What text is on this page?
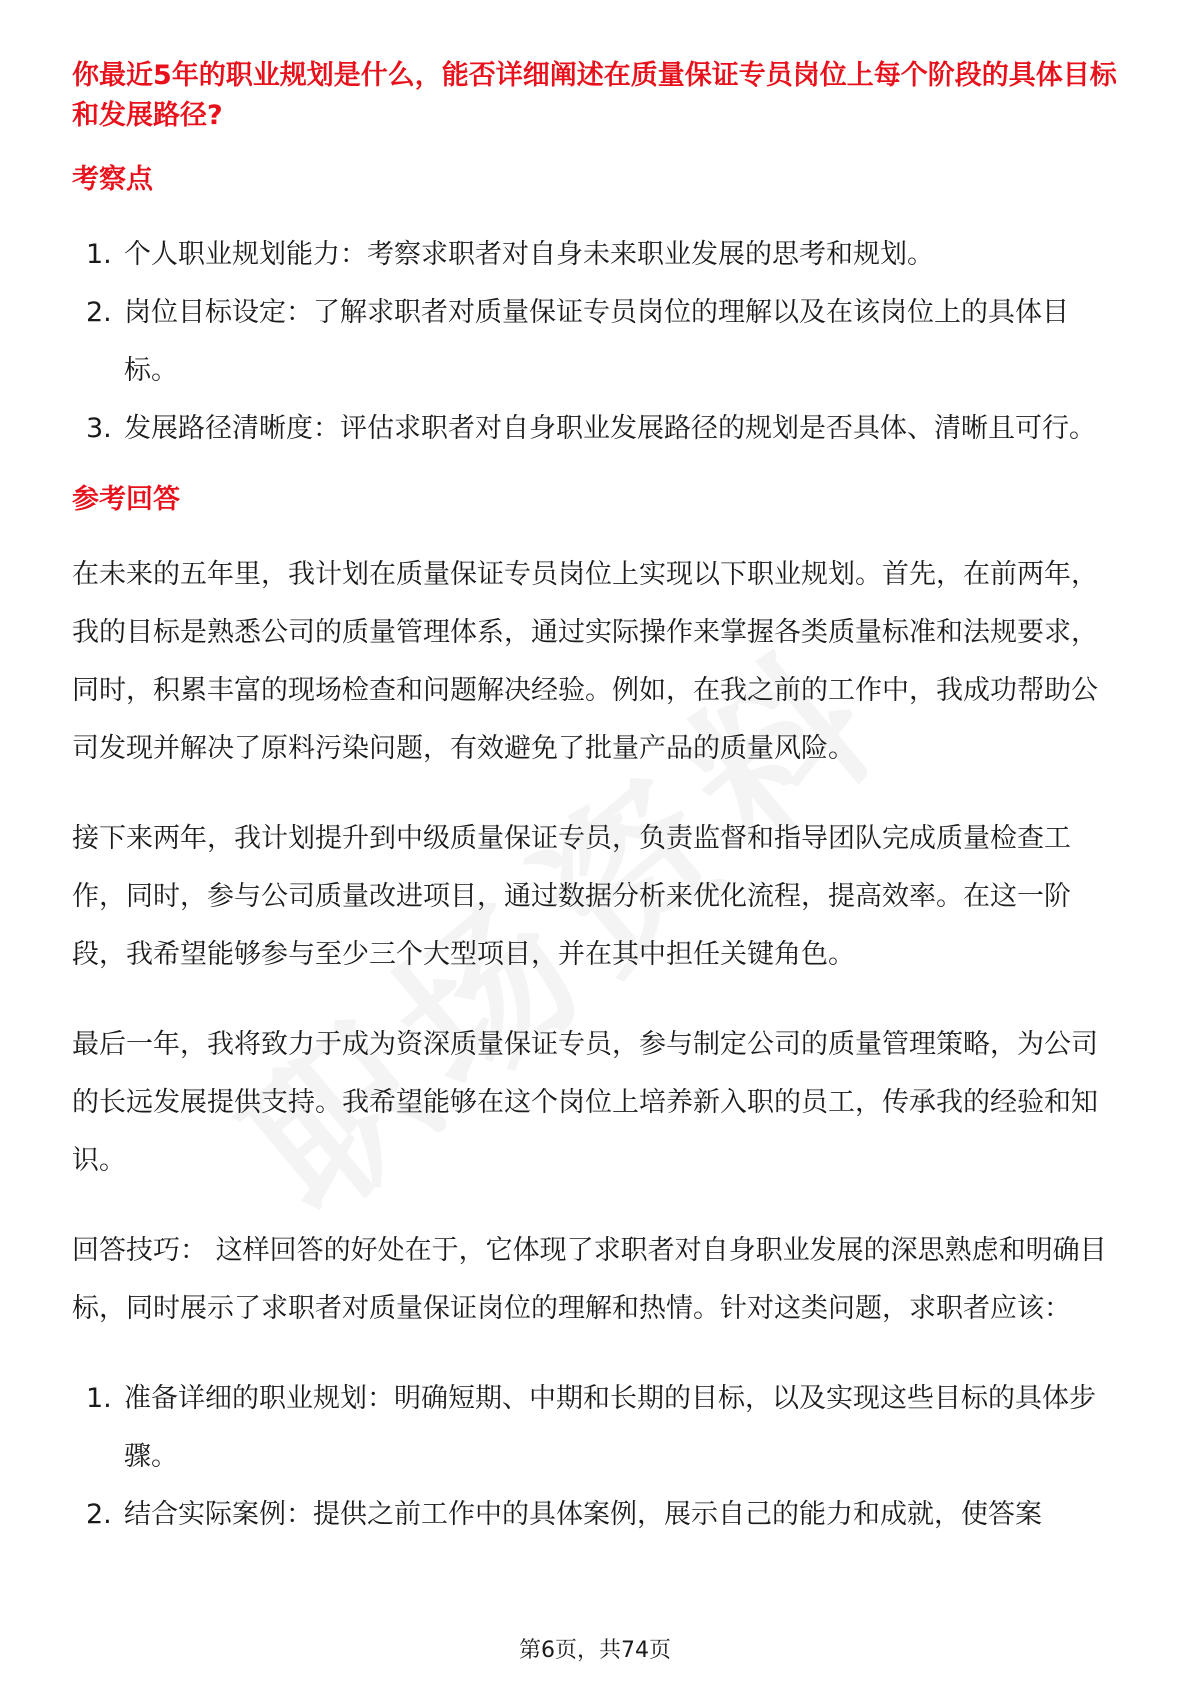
你最近5年的职业规划是什么，能否详细阐述在质量保证专员岗位上每个阶段的具体目标和发展路径?
考察点
1. 个人职业规划能力：考察求职者对自身未来职业发展的思考和规划。
2. 岗位目标设定：了解求职者对质量保证专员岗位的理解以及在该岗位上的具体目标。
3. 发展路径清晰度：评估求职者对自身职业发展路径的规划是否具体、清晰且可行。
参考回答

在未来的五年里，我计划在质量保证专员岗位上实现以下职业规划。首先，在前两年，我的目标是熟悉公司的质量管理体系，通过实际操作来掌握各类质量标准和法规要求，同时，积累丰富的现场检查和问题解决经验。例如，在我之前的工作中，我成功帮助公司发现并解决了原料污染问题，有效避免了批量产品的质量风险。

接下来两年，我计划提升到中级质量保证专员，负责监督和指导团队完成质量检查工作，同时，参与公司质量改进项目，通过数据分析来优化流程，提高效率。在这一阶段，我希望能够参与至少三个大型项目，并在其中担任关键角色。

最后一年，我将致力于成为资深质量保证专员，参与制定公司的质量管理策略，为公司的长远发展提供支持。我希望能够在这个岗位上培养新入职的员工，传承我的经验和知识。

回答技巧： 这样回答的好处在于，它体现了求职者对自身职业发展的深思熟虑和明确目标，同时展示了求职者对质量保证岗位的理解和热情。针对这类问题，求职者应该：

1. 准备详细的职业规划：明确短期、中期和长期的目标，以及实现这些目标的具体步骤。
2. 结合实际案例：提供之前工作中的具体案例，展示自己的能力和成就，使答案
第6页，共74页
